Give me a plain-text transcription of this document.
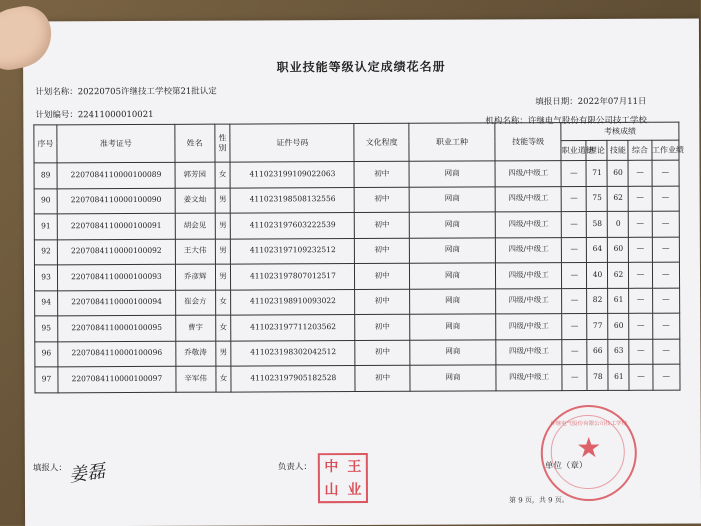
职业技能等级认定成绩花名册
计划名称：20220705许继技工学校第21批认定
计划编号：22411000010021
填报日期：2022年07月11日
机构名称：许继电气股份有限公司技工学校
序号	准考证号	姓名	性别	证件号码	文化程度	职业工种	技能等级	考核成绩				
								职业道德	理论	技能	综合	工作业绩
89	2207084110000100089	郭芳园	女	411023199109022063	初中	网商	四级/中级工	—	71	60	—	—
90	2207084110000100090	姜文灿	男	411023198508132556	初中	网商	四级/中级工	—	75	62	—	—
91	2207084110000100091	胡会见	男	411023197603222539	初中	网商	四级/中级工	—	58	0	—	—
92	2207084110000100092	王大伟	男	411023197109232512	初中	网商	四级/中级工	—	64	60	—	—
93	2207084110000100093	乔彦辉	男	411023197807012517	初中	网商	四级/中级工	—	40	62	—	—
94	2207084110000100094	崔会方	女	411023198910093022	初中	网商	四级/中级工	—	82	61	—	—
95	2207084110000100095	曹宇	女	411023197711203562	初中	网商	四级/中级工	—	77	60	—	—
96	2207084110000100096	乔敬涛	男	411023198302042512	初中	网商	四级/中级工	—	66	63	—	—
97	2207084110000100097	辛军伟	女	411023197905182528	初中	网商	四级/中级工	—	78	61	—	—
填报人： 姜磊	负责人： 中 王
山 业
单位（章）
许继电气股份有限公司技工学校
★
第 9 页，共 9 页。
